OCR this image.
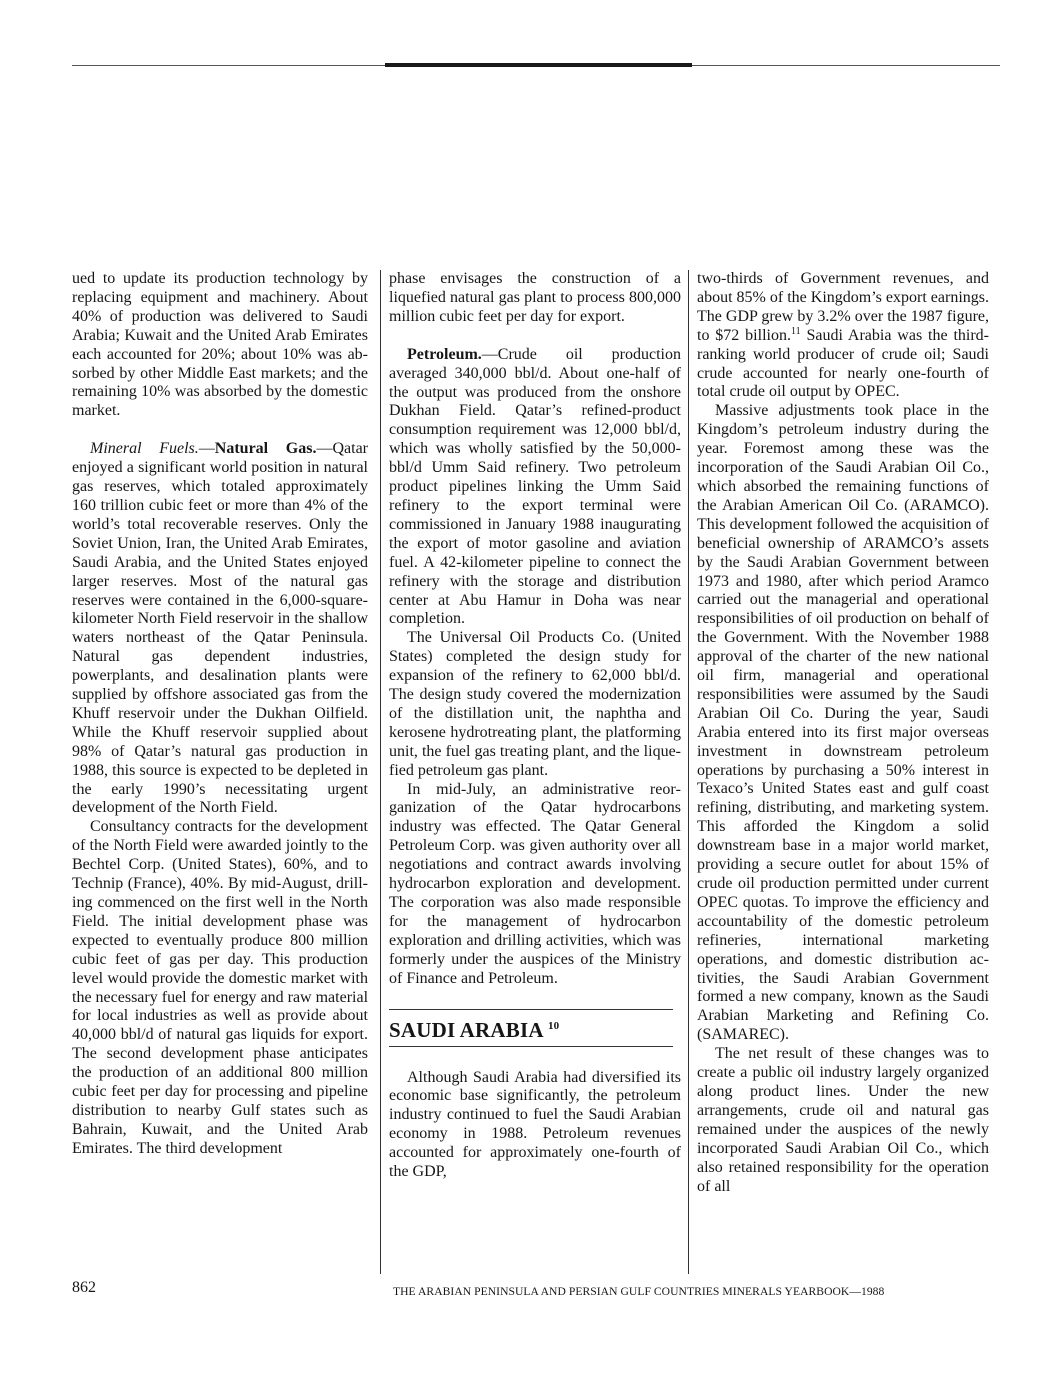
ued to update its production technology by replacing equipment and machinery. About 40% of production was delivered to Saudi Arabia; Kuwait and the United Arab Emirates each accounted for 20%; about 10% was absorbed by other Middle East markets; and the remaining 10% was absorbed by the domestic market.

Mineral Fuels.—Natural Gas.—Qatar enjoyed a significant world position in natural gas reserves, which totaled approximately 160 trillion cubic feet or more than 4% of the world’s total recoverable reserves. Only the Soviet Union, Iran, the United Arab Emirates, Saudi Arabia, and the United States enjoyed larger reserves. Most of the natural gas reserves were contained in the 6,000-square-kilometer North Field reservoir in the shallow waters northeast of the Qatar Peninsula. Natural gas dependent industries, powerplants, and desalination plants were supplied by offshore associated gas from the Khuff reservoir under the Dukhan Oilfield. While the Khuff reservoir supplied about 98% of Qatar’s natural gas production in 1988, this source is expected to be depleted in the early 1990’s necessitating urgent development of the North Field.

Consultancy contracts for the development of the North Field were awarded jointly to the Bechtel Corp. (United States), 60%, and to Technip (France), 40%. By mid-August, drilling commenced on the first well in the North Field. The initial development phase was expected to eventually produce 800 million cubic feet of gas per day. This production level would provide the domestic market with the necessary fuel for energy and raw material for local industries as well as provide about 40,000 bbl/d of natural gas liquids for export. The second development phase anticipates the production of an additional 800 million cubic feet per day for processing and pipeline distribution to nearby Gulf states such as Bahrain, Kuwait, and the United Arab Emirates. The third development

phase envisages the construction of a liquefied natural gas plant to process 800,000 million cubic feet per day for export.

Petroleum.—Crude oil production averaged 340,000 bbl/d. About one-half of the output was produced from the onshore Dukhan Field. Qatar’s refined-product consumption requirement was 12,000 bbl/d, which was wholly satisfied by the 50,000-bbl/d Umm Said refinery. Two petroleum product pipelines linking the Umm Said refinery to the export terminal were commissioned in January 1988 inaugurating the export of motor gasoline and aviation fuel. A 42-kilometer pipeline to connect the refinery with the storage and distribution center at Abu Hamur in Doha was near completion.

The Universal Oil Products Co. (United States) completed the design study for expansion of the refinery to 62,000 bbl/d. The design study covered the modernization of the distillation unit, the naphtha and kerosene hydrotreating plant, the platforming unit, the fuel gas treating plant, and the liquefied petroleum gas plant.

In mid-July, an administrative reorganization of the Qatar hydrocarbons industry was effected. The Qatar General Petroleum Corp. was given authority over all negotiations and contract awards involving hydrocarbon exploration and development. The corporation was also made responsible for the management of hydrocarbon exploration and drilling activities, which was formerly under the auspices of the Ministry of Finance and Petroleum.

SAUDI ARABIA $^{10}$

Although Saudi Arabia had diversified its economic base significantly, the petroleum industry continued to fuel the Saudi Arabian economy in 1988. Petroleum revenues accounted for approximately one-fourth of the GDP,

two-thirds of Government revenues, and about 85% of the Kingdom’s export earnings. The GDP grew by 3.2% over the 1987 figure, to $72 billion.$^{11}$ Saudi Arabia was the third-ranking world producer of crude oil; Saudi crude accounted for nearly one-fourth of total crude oil output by OPEC.

Massive adjustments took place in the Kingdom’s petroleum industry during the year. Foremost among these was the incorporation of the Saudi Arabian Oil Co., which absorbed the remaining functions of the Arabian American Oil Co. (ARAMCO). This development followed the acquisition of beneficial ownership of ARAMCO’s assets by the Saudi Arabian Government between 1973 and 1980, after which period Aramco carried out the managerial and operational responsibilities of oil production on behalf of the Government. With the November 1988 approval of the charter of the new national oil firm, managerial and operational responsibilities were assumed by the Saudi Arabian Oil Co. During the year, Saudi Arabia entered into its first major overseas investment in downstream petroleum operations by purchasing a 50% interest in Texaco’s United States east and gulf coast refining, distributing, and marketing system. This afforded the Kingdom a solid downstream base in a major world market, providing a secure outlet for about 15% of crude oil production permitted under current OPEC quotas. To improve the efficiency and accountability of the domestic petroleum refineries, international marketing operations, and domestic distribution activities, the Saudi Arabian Government formed a new company, known as the Saudi Arabian Marketing and Refining Co. (SAMAREC).

The net result of these changes was to create a public oil industry largely organized along product lines. Under the new arrangements, crude oil and natural gas remained under the auspices of the newly incorporated Saudi Arabian Oil Co., which also retained responsibility for the operation of all

862	THE ARABIAN PENINSULA AND PERSIAN GULF COUNTRIES MINERALS YEARBOOK—1988
